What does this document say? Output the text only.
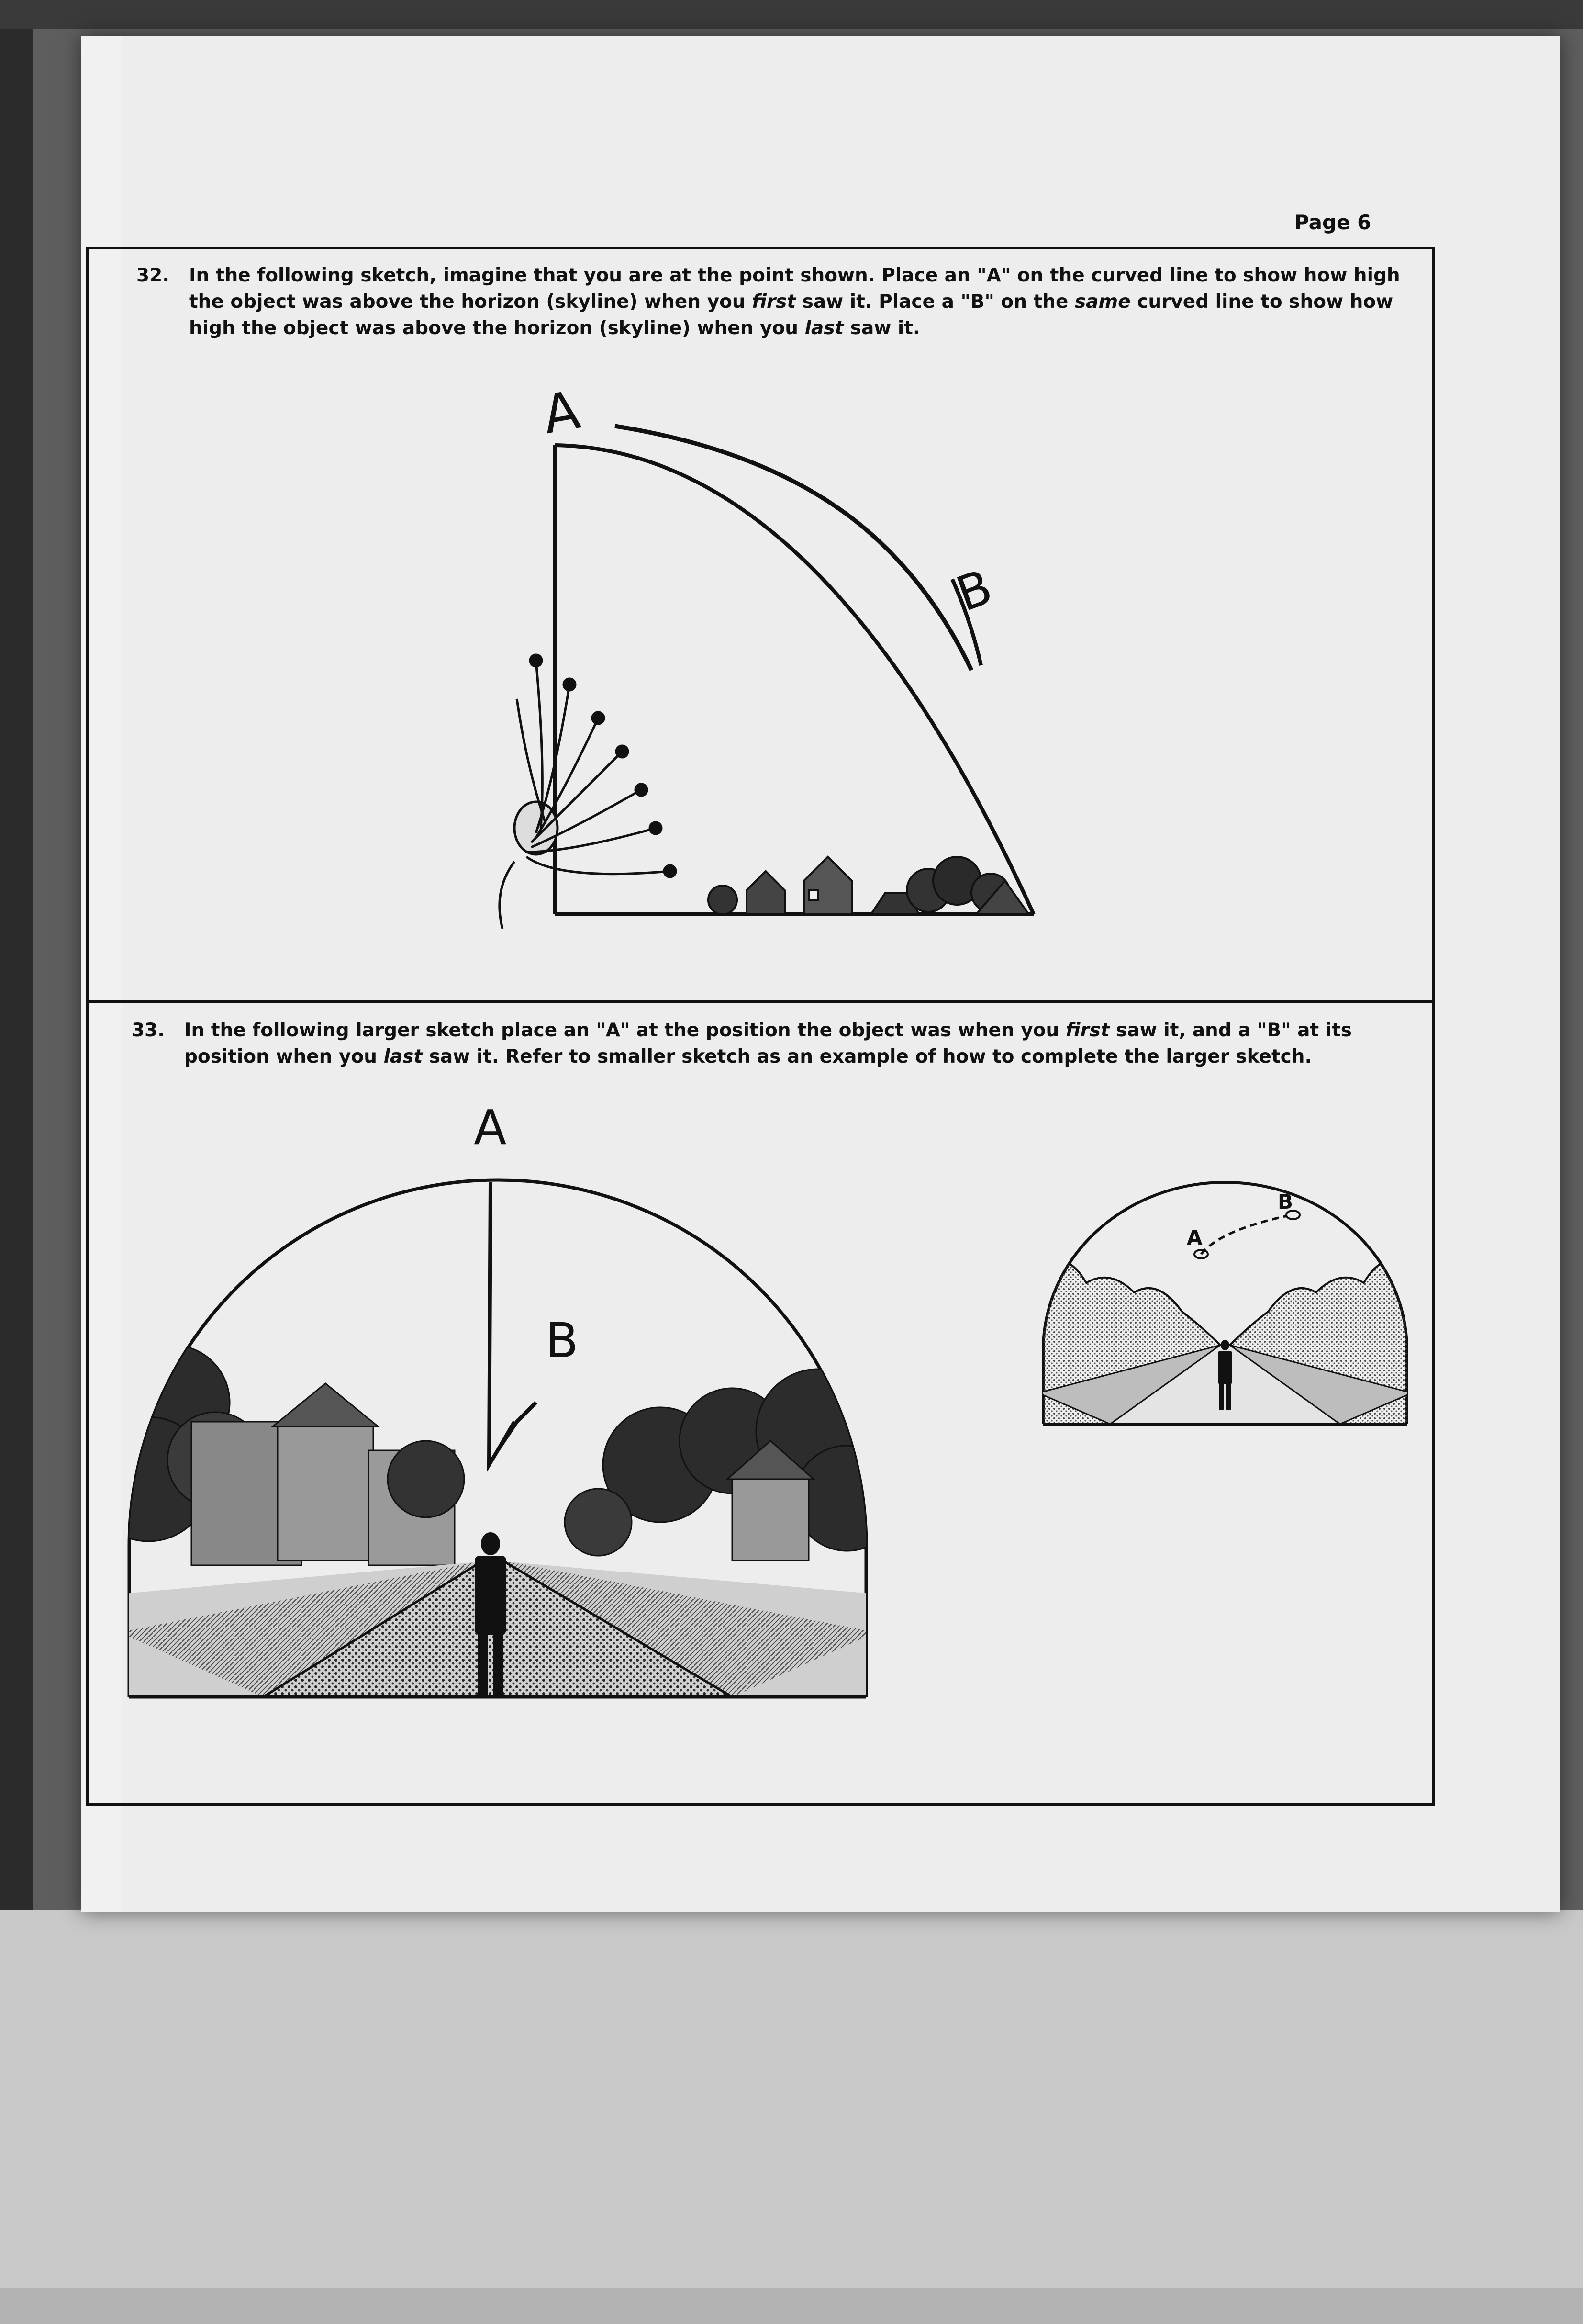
Page 6
32. In the following sketch, imagine that you are at the point shown. Place an "A" on the curved line to show how high the object was above the horizon (skyline) when you first saw it. Place a "B" on the same curved line to show how high the object was above the horizon (skyline) when you last saw it.
A
B
33. In the following larger sketch place an "A" at the position the object was when you first saw it, and a "B" at its position when you last saw it. Refer to smaller sketch as an example of how to complete the larger sketch.
A
B
A
B
